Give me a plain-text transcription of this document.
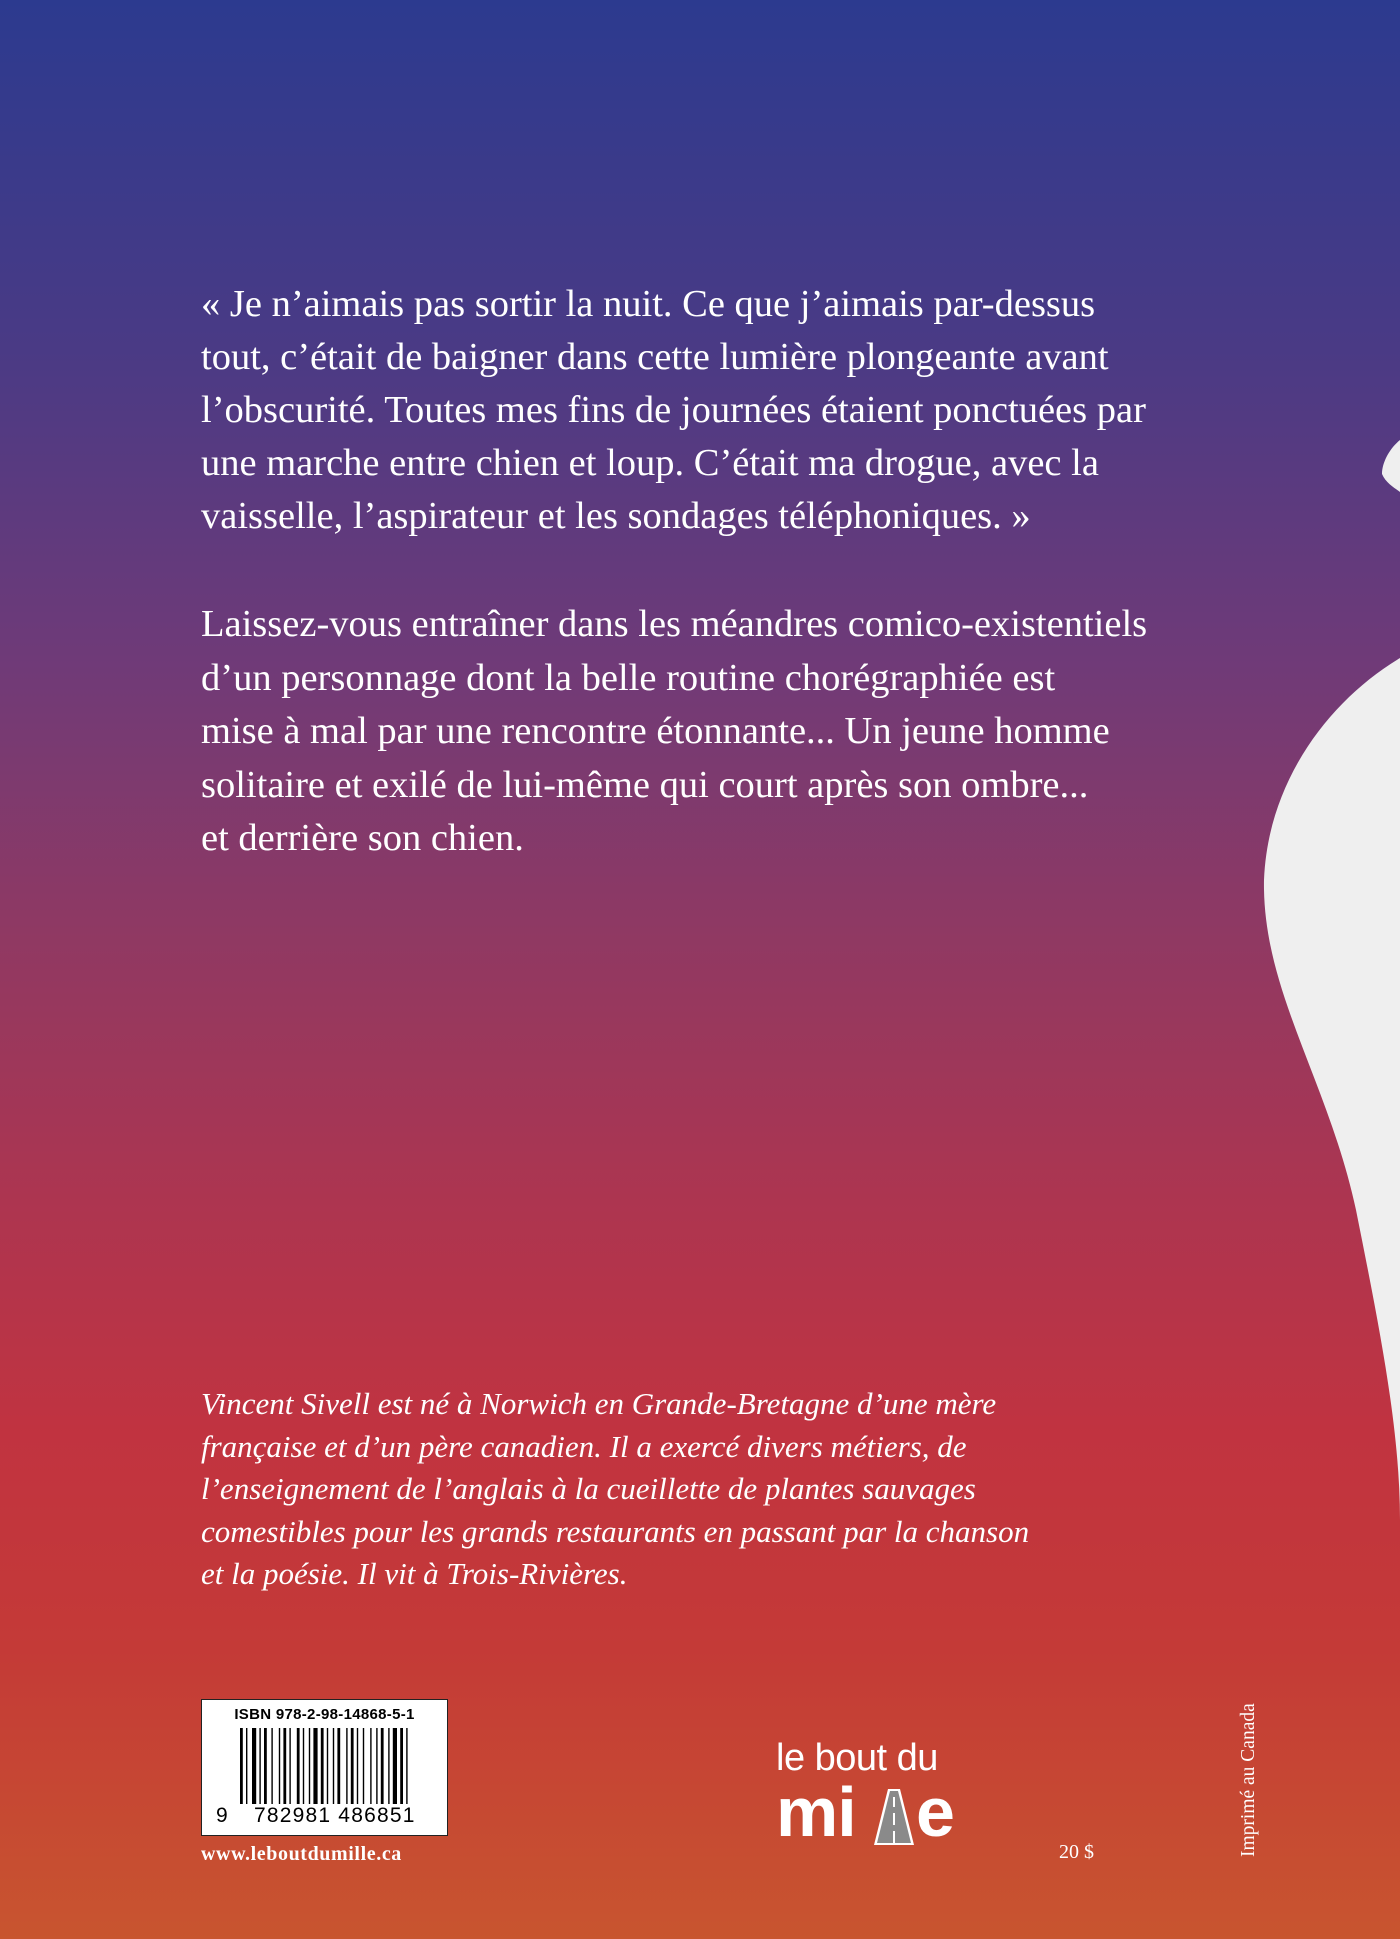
« Je n’aimais pas sortir la nuit. Ce que j’aimais par-dessus
tout, c’était de baigner dans cette lumière plongeante avant
l’obscurité. Toutes mes fins de journées étaient ponctuées par
une marche entre chien et loup. C’était ma drogue, avec la
vaisselle, l’aspirateur et les sondages téléphoniques. »

Laissez-vous entraîner dans les méandres comico-existentiels
d’un personnage dont la belle routine chorégraphiée est
mise à mal par une rencontre étonnante... Un jeune homme
solitaire et exilé de lui-même qui court après son ombre...
et derrière son chien.

Vincent Sivell est né à Norwich en Grande-Bretagne d’une mère
française et d’un père canadien. Il a exercé divers métiers, de
l’enseignement de l’anglais à la cueillette de plantes sauvages
comestibles pour les grands restaurants en passant par la chanson
et la poésie. Il vit à Trois-Rivières.

ISBN 978-2-98-14868-5-1
9 782981 486851
www.leboutdumille.ca
le bout du
mi e
20 $	Imprimé au Canada
